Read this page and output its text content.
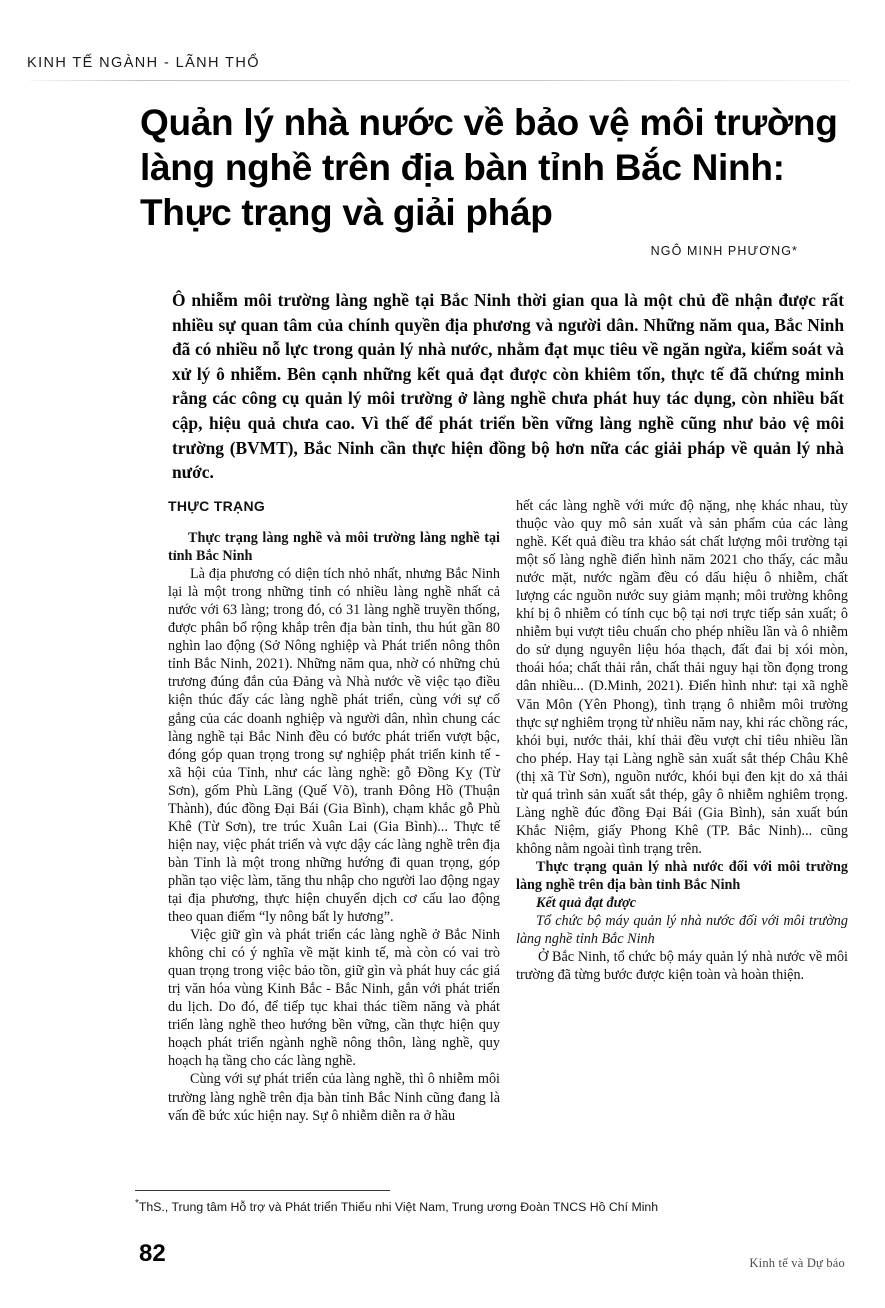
KINH TẾ NGÀNH - LÃNH THỔ
Quản lý nhà nước về bảo vệ môi trường
làng nghề trên địa bàn tỉnh Bắc Ninh:
Thực trạng và giải pháp
NGÔ MINH PHƯƠNG*
Ô nhiễm môi trường làng nghề tại Bắc Ninh thời gian qua là một chủ đề nhận được rất nhiều sự quan tâm của chính quyền địa phương và người dân. Những năm qua, Bắc Ninh đã có nhiều nỗ lực trong quản lý nhà nước, nhằm đạt mục tiêu về ngăn ngừa, kiểm soát và xử lý ô nhiễm. Bên cạnh những kết quả đạt được còn khiêm tốn, thực tế đã chứng minh rằng các công cụ quản lý môi trường ở làng nghề chưa phát huy tác dụng, còn nhiều bất cập, hiệu quả chưa cao. Vì thế để phát triển bền vững làng nghề cũng như bảo vệ môi trường (BVMT), Bắc Ninh cần thực hiện đồng bộ hơn nữa các giải pháp về quản lý nhà nước.
THỰC TRẠNG

Thực trạng làng nghề và môi trường làng nghề tại tỉnh Bắc Ninh

Là địa phương có diện tích nhỏ nhất, nhưng Bắc Ninh lại là một trong những tỉnh có nhiều làng nghề nhất cả nước với 63 làng; trong đó, có 31 làng nghề truyền thống, được phân bổ rộng khắp trên địa bàn tỉnh, thu hút gần 80 nghìn lao động (Sở Nông nghiệp và Phát triển nông thôn tỉnh Bắc Ninh, 2021). Những năm qua, nhờ có những chủ trương đúng đắn của Đảng và Nhà nước về việc tạo điều kiện thúc đẩy các làng nghề phát triển, cùng với sự cố gắng của các doanh nghiệp và người dân, nhìn chung các làng nghề tại Bắc Ninh đều có bước phát triển vượt bậc, đóng góp quan trọng trong sự nghiệp phát triển kinh tế - xã hội của Tỉnh, như các làng nghề: gỗ Đồng Kỵ (Từ Sơn), gốm Phù Lãng (Quế Võ), tranh Đông Hồ (Thuận Thành), đúc đồng Đại Bái (Gia Bình), chạm khắc gỗ Phù Khê (Từ Sơn), tre trúc Xuân Lai (Gia Bình)... Thực tế hiện nay, việc phát triển và vực dậy các làng nghề trên địa bàn Tỉnh là một trong những hướng đi quan trọng, góp phần tạo việc làm, tăng thu nhập cho người lao động ngay tại địa phương, thực hiện chuyển dịch cơ cấu lao động theo quan điểm “ly nông bất ly hương”.

Việc giữ gìn và phát triển các làng nghề ở Bắc Ninh không chỉ có ý nghĩa về mặt kinh tế, mà còn có vai trò quan trọng trong việc bảo tồn, giữ gìn và phát huy các giá trị văn hóa vùng Kinh Bắc - Bắc Ninh, gắn với phát triển du lịch. Do đó, để tiếp tục khai thác tiềm năng và phát triển làng nghề theo hướng bền vững, cần thực hiện quy hoạch phát triển ngành nghề nông thôn, làng nghề, quy hoạch hạ tầng cho các làng nghề.

Cùng với sự phát triển của làng nghề, thì ô nhiễm môi trường làng nghề trên địa bàn tỉnh Bắc Ninh cũng đang là vấn đề bức xúc hiện nay. Sự ô nhiễm diễn ra ở hầu

hết các làng nghề với mức độ nặng, nhẹ khác nhau, tùy thuộc vào quy mô sản xuất và sản phẩm của các làng nghề. Kết quả điều tra khảo sát chất lượng môi trường tại một số làng nghề điển hình năm 2021 cho thấy, các mẫu nước mặt, nước ngầm đều có dấu hiệu ô nhiễm, chất lượng các nguồn nước suy giảm mạnh; môi trường không khí bị ô nhiễm có tính cục bộ tại nơi trực tiếp sản xuất; ô nhiễm bụi vượt tiêu chuẩn cho phép nhiều lần và ô nhiễm do sử dụng nguyên liệu hóa thạch, đất đai bị xói mòn, thoái hóa; chất thải rắn, chất thải nguy hại tồn đọng trong dân nhiều... (D.Minh, 2021). Điển hình như: tại xã nghề Văn Môn (Yên Phong), tình trạng ô nhiễm môi trường thực sự nghiêm trọng từ nhiều năm nay, khi rác chồng rác, khói bụi, nước thải, khí thải đều vượt chỉ tiêu nhiều lần cho phép. Hay tại Làng nghề sản xuất sắt thép Châu Khê (thị xã Từ Sơn), nguồn nước, khói bụi đen kịt do xả thải từ quá trình sản xuất sắt thép, gây ô nhiễm nghiêm trọng. Làng nghề đúc đồng Đại Bái (Gia Bình), sản xuất bún Khắc Niệm, giấy Phong Khê (TP. Bắc Ninh)... cũng không nằm ngoài tình trạng trên.

Thực trạng quản lý nhà nước đối với môi trường làng nghề trên địa bàn tỉnh Bắc Ninh

Kết quả đạt được

Tổ chức bộ máy quản lý nhà nước đối với môi trường làng nghề tỉnh Bắc Ninh

Ở Bắc Ninh, tổ chức bộ máy quản lý nhà nước về môi trường đã từng bước được kiện toàn và hoàn thiện.

*ThS., Trung tâm Hỗ trợ và Phát triển Thiếu nhi Việt Nam, Trung ương Đoàn TNCS Hồ Chí Minh
82	Kinh tế và Dự báo
